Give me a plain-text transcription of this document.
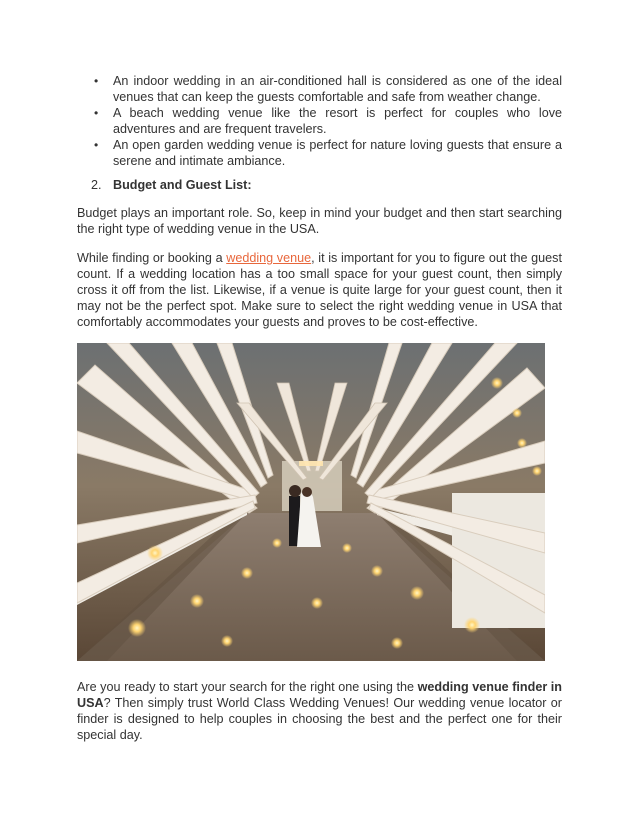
• An indoor wedding in an air-conditioned hall is considered as one of the ideal venues that can keep the guests comfortable and safe from weather change.
• A beach wedding venue like the resort is perfect for couples who love adventures and are frequent travelers.
• An open garden wedding venue is perfect for nature loving guests that ensure a serene and intimate ambiance.
2. Budget and Guest List:
Budget plays an important role. So, keep in mind your budget and then start searching the right type of wedding venue in the USA.
While finding or booking a wedding venue, it is important for you to figure out the guest count. If a wedding location has a too small space for your guest count, then simply cross it off from the list. Likewise, if a venue is quite large for your guest count, then it may not be the perfect spot. Make sure to select the right wedding venue in USA that comfortably accommodates your guests and proves to be cost-effective.
Are you ready to start your search for the right one using the wedding venue finder in USA? Then simply trust World Class Wedding Venues! Our wedding venue locator or finder is designed to help couples in choosing the best and the perfect one for their special day.
